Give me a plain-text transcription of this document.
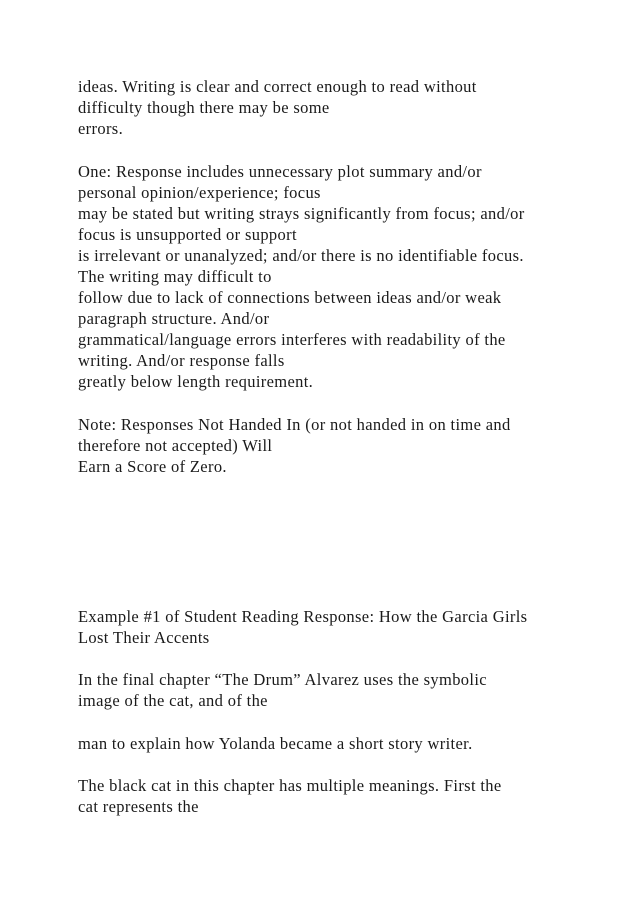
ideas. Writing is clear and correct enough to read without
difficulty though there may be some
errors.
One: Response includes unnecessary plot summary and/or
personal opinion/experience; focus
may be stated but writing strays significantly from focus; and/or
focus is unsupported or support
is irrelevant or unanalyzed; and/or there is no identifiable focus.
The writing may difficult to
follow due to lack of connections between ideas and/or weak
paragraph structure. And/or
grammatical/language errors interferes with readability of the
writing. And/or response falls
greatly below length requirement.
Note: Responses Not Handed In (or not handed in on time and
therefore not accepted) Will
Earn a Score of Zero.
Example #1 of Student Reading Response: How the Garcia Girls
Lost Their Accents
In the final chapter “The Drum” Alvarez uses the symbolic
image of the cat, and of the
man to explain how Yolanda became a short story writer.
The black cat in this chapter has multiple meanings. First the
cat represents the
